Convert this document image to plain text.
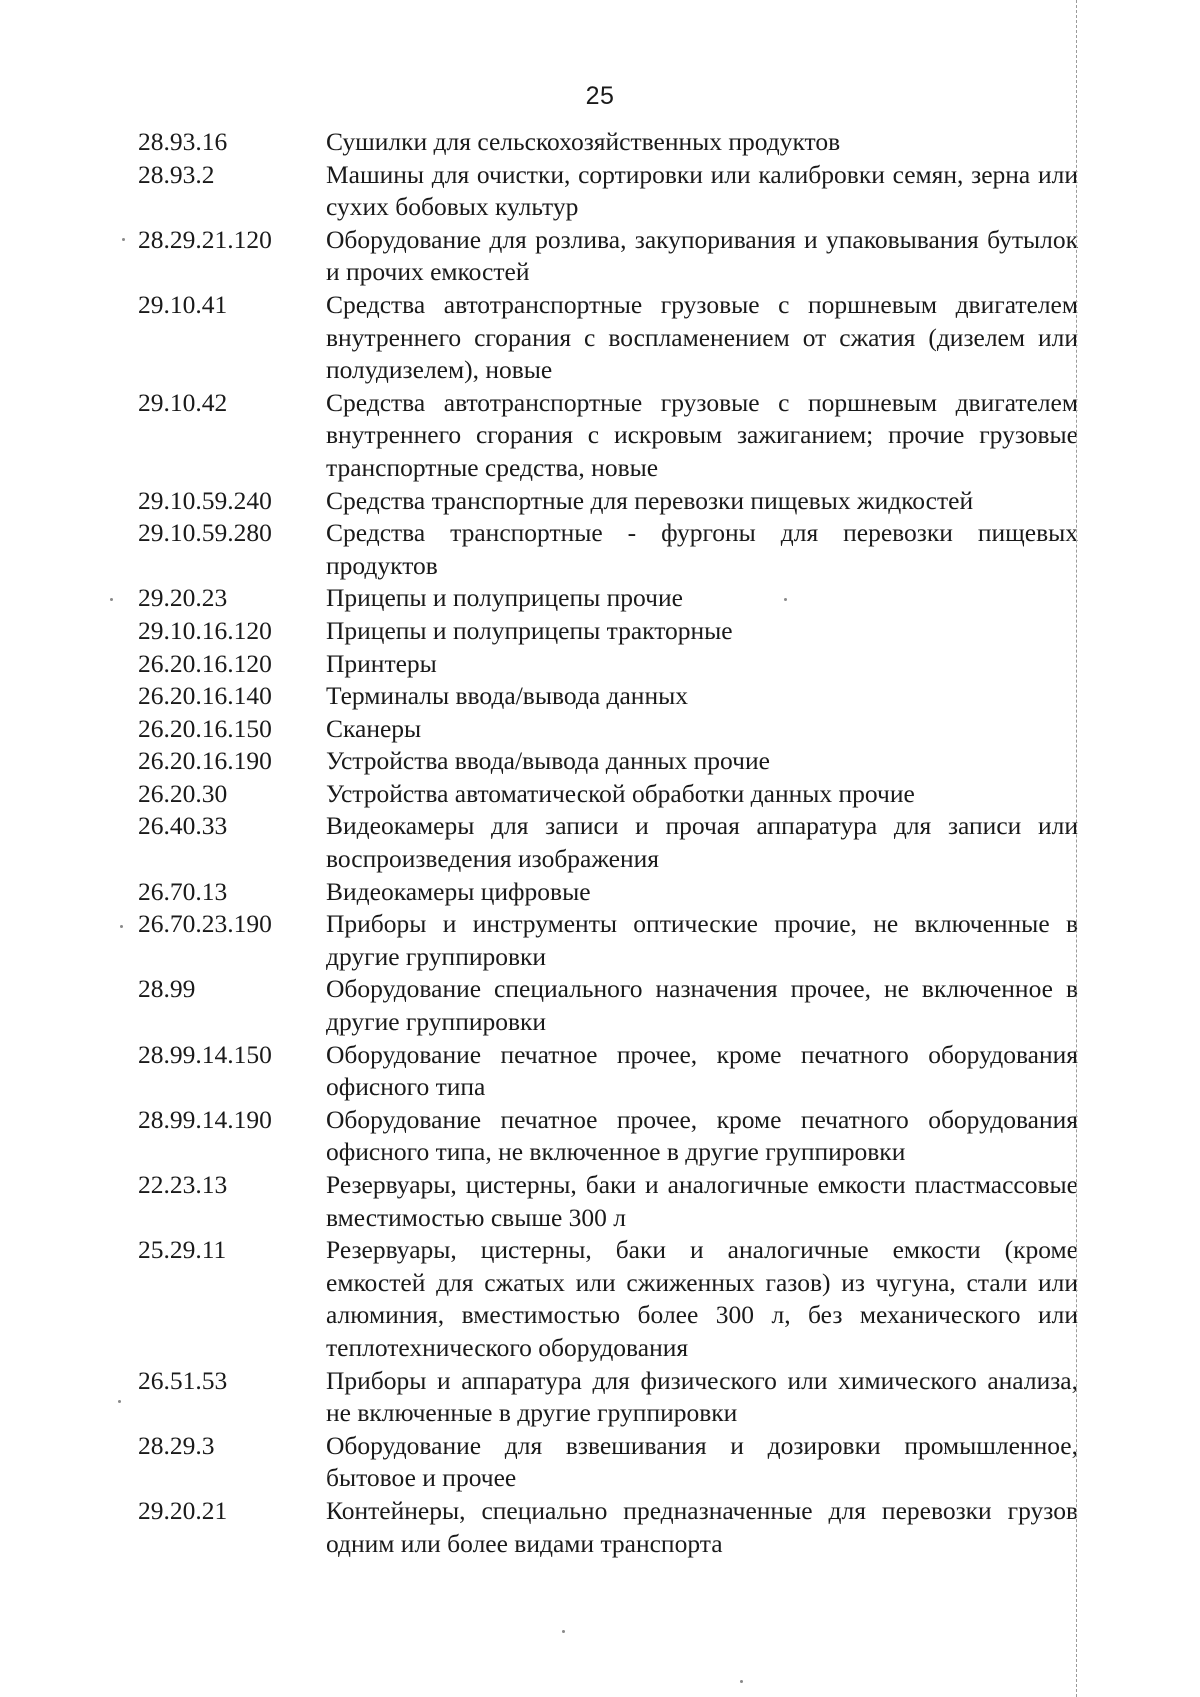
25
28.93.16	Сушилки для сельскохозяйственных продуктов
28.93.2	Машины для очистки, сортировки или калибровки семян, зерна или сухих бобовых культур
28.29.21.120	Оборудование для розлива, закупоривания и упаковывания бутылок и прочих емкостей
29.10.41	Средства автотранспортные грузовые с поршневым двигателем внутреннего сгорания с воспламенением от сжатия (дизелем или полудизелем), новые
29.10.42	Средства автотранспортные грузовые с поршневым двигателем внутреннего сгорания с искровым зажиганием; прочие грузовые транспортные средства, новые
29.10.59.240	Средства транспортные для перевозки пищевых жидкостей
29.10.59.280	Средства транспортные - фургоны для перевозки пищевых продуктов
29.20.23	Прицепы и полуприцепы прочие
29.10.16.120	Прицепы и полуприцепы тракторные
26.20.16.120	Принтеры
26.20.16.140	Терминалы ввода/вывода данных
26.20.16.150	Сканеры
26.20.16.190	Устройства ввода/вывода данных прочие
26.20.30	Устройства автоматической обработки данных прочие
26.40.33	Видеокамеры для записи и прочая аппаратура для записи или воспроизведения изображения
26.70.13	Видеокамеры цифровые
26.70.23.190	Приборы и инструменты оптические прочие, не включенные в другие группировки
28.99	Оборудование специального назначения прочее, не включенное в другие группировки
28.99.14.150	Оборудование печатное прочее, кроме печатного оборудования офисного типа
28.99.14.190	Оборудование печатное прочее, кроме печатного оборудования офисного типа, не включенное в другие группировки
22.23.13	Резервуары, цистерны, баки и аналогичные емкости пластмассовые вместимостью свыше 300 л
25.29.11	Резервуары, цистерны, баки и аналогичные емкости (кроме емкостей для сжатых или сжиженных газов) из чугуна, стали или алюминия, вместимостью более 300 л, без механического или теплотехнического оборудования
26.51.53	Приборы и аппаратура для физического или химического анализа, не включенные в другие группировки
28.29.3	Оборудование для взвешивания и дозировки промышленное, бытовое и прочее
29.20.21	Контейнеры, специально предназначенные для перевозки грузов одним или более видами транспорта
